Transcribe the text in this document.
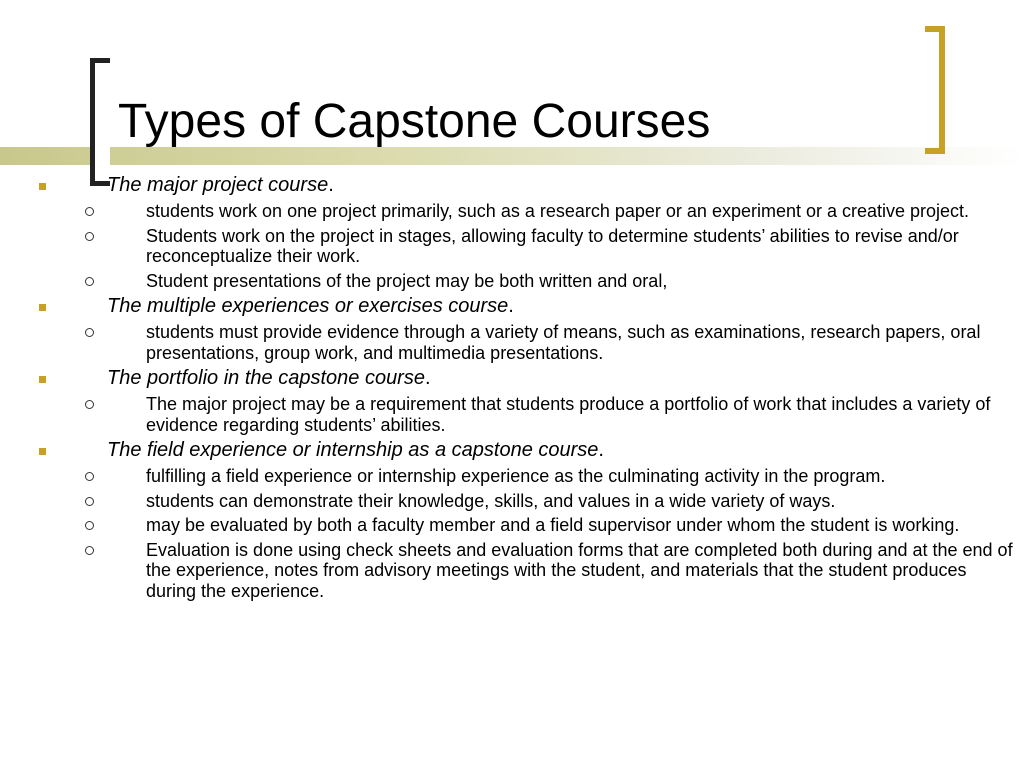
Types of Capstone Courses
The major project course.
students work on one project primarily, such as a research paper or an experiment or a creative project.
Students work on the project in stages, allowing faculty to determine students’ abilities to revise and/or reconceptualize their work.
Student presentations of the project may be both written and oral,
The multiple experiences or exercises course.
students must provide evidence through a variety of means, such as examinations, research papers, oral presentations, group work, and multimedia presentations.
The portfolio in the capstone course.
The major project may be a requirement that students produce a portfolio of work that includes a variety of evidence regarding students’ abilities.
The field experience or internship as a capstone course.
fulfilling a field experience or internship experience as the culminating activity in the program.
students can demonstrate their knowledge, skills, and values in a wide variety of ways.
may be evaluated by both a faculty member and a field supervisor under whom the student is working.
Evaluation is done using check sheets and evaluation forms that are completed both during and at the end of the experience, notes from advisory meetings with the student, and materials that the student produces during the experience.
